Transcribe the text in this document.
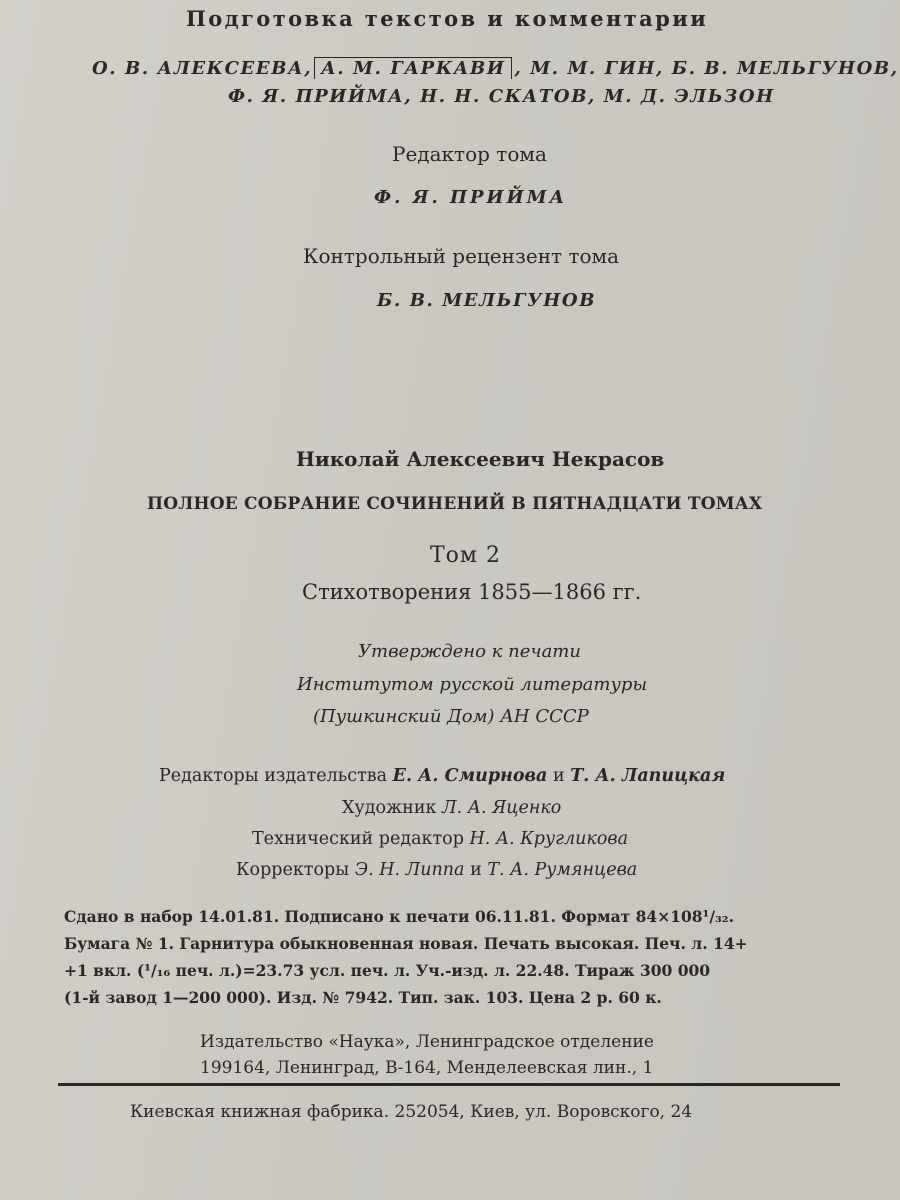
Подготовка текстов и комментарии
О. В. АЛЕКСЕЕВА, А. М. ГАРКАВИ , М. М. ГИН, Б. В. МЕЛЬГУНОВ,
Ф. Я. ПРИЙМА, Н. Н. СКАТОВ, М. Д. ЭЛЬЗОН
Редактор тома
Ф. Я. ПРИЙМА
Контрольный рецензент тома
Б. В. МЕЛЬГУНОВ
Николай Алексеевич Некрасов
ПОЛНОЕ СОБРАНИЕ СОЧИНЕНИЙ В ПЯТНАДЦАТИ ТОМАХ
Том 2
Стихотворения 1855—1866 гг.
Утверждено к печати
Институтом русской литературы
(Пушкинский Дом) АН СССР
Редакторы издательства Е. А. Смирнова и Т. А. Лапицкая
Художник Л. А. Яценко
Технический редактор Н. А. Кругликова
Корректоры Э. Н. Липпа и Т. А. Румянцева
Сдано в набор 14.01.81. Подписано к печати 06.11.81. Формат 84×108¹/₃₂.
Бумага № 1. Гарнитура обыкновенная новая. Печать высокая. Печ. л. 14+
+1 вкл. (¹/₁₆ печ. л.)=23.73 усл. печ. л. Уч.-изд. л. 22.48. Тираж 300 000
(1-й завод 1—200 000). Изд. № 7942. Тип. зак. 103. Цена 2 р. 60 к.
Издательство «Наука», Ленинградское отделение
199164, Ленинград, В-164, Менделеевская лин., 1
Киевская книжная фабрика. 252054, Киев, ул. Воровского, 24
